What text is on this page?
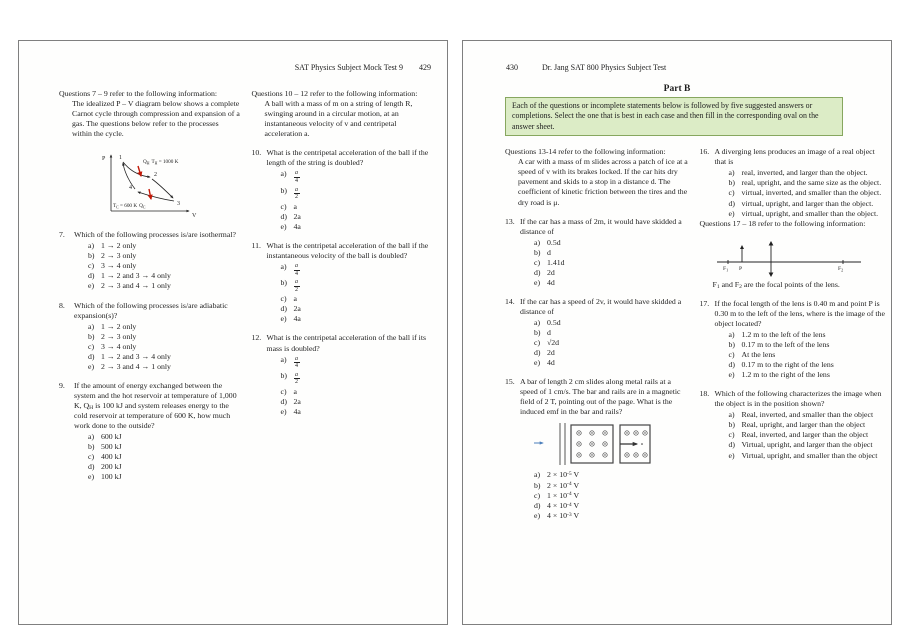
SAT Physics Subject Mock Test 9 429

Questions 7 – 9 refer to the following information:

The idealized P – V diagram below shows a complete Carnot cycle through compression and expansion of a gas. The questions below refer to the processes within the cycle.

P
V
1
2
3
4
$Q_H$ $T_H = 1000$ K
$T_C = 600$ K $Q_C$
7.	Which of the following processes is/are isothermal?

a) 1 → 2 only
b) 2 → 3 only
c) 3 → 4 only
d) 1 → 2 and 3 → 4 only
e) 2 → 3 and 4 → 1 only
8.	Which of the following processes is/are adiabatic expansion(s)?

a) 1 → 2 only
b) 2 → 3 only
c) 3 → 4 only
d) 1 → 2 and 3 → 4 only
e) 2 → 3 and 4 → 1 only
9.	If the amount of energy exchanged between the system and the hot reservoir at temperature of 1,000 K, QH is 100 kJ and system releases energy to the cold reservoir at temperature of 600 K, how much work done to the outside?

a) 600 kJ
b) 500 kJ
c) 400 kJ
d) 200 kJ
e) 100 kJ

Questions 10 – 12 refer to the following information:

A ball with a mass of m on a string of length R, swinging around in a circular motion, at an instantaneous velocity of v and centripetal acceleration a.

10. What is the centripetal acceleration of the ball if the length of the string is doubled?

a)	$\frac{a}{4}$
b)	$\frac{a}{2}$
c) a
d) 2a
e) 4a
11. What is the centripetal acceleration of the ball if the instantaneous velocity of the ball is doubled?

a)	$\frac{a}{4}$
b)	$\frac{a}{2}$
c) a
d) 2a
e) 4a
12. What is the centripetal acceleration of the ball if its mass is doubled?

a)	$\frac{a}{4}$
b)	$\frac{a}{2}$
c) a
d) 2a
e) 4a
430	Dr. Jang SAT 800 Physics Subject Test
Part B
Each of the questions or incomplete statements below is followed by five suggested answers or completions. Select the one that is best in each case and then fill in the corresponding oval on the answer sheet.

Questions 13-14 refer to the following information:

A car with a mass of m slides across a patch of ice at a speed of v with its brakes locked. If the car hits dry pavement and skids to a stop in a distance d. The coefficient of kinetic friction between the tires and the dry road is μ.

13. If the car has a mass of 2m, it would have skidded a distance of

a) 0.5d
b) d
c) 1.41d
d) 2d
e) 4d
14. If the car has a speed of 2v, it would have skidded a distance of

a) 0.5d
b) d
c) √2d
d) 2d
e) 4d
15. A bar of length 2 cm slides along metal rails at a speed of 1 cm/s. The bar and rails are in a magnetic field of 2 T, pointing out of the page. What is the induced emf in the bar and rails?

a) $2 \times 10^{-5}$ V
b) $2 \times 10^{-4}$ V
c) $1 \times 10^{-4}$ V
d) $4 \times 10^{-4}$ V
e) $4 \times 10^{-3}$ V
16. A diverging lens produces an image of a real object that is

a) real, inverted, and larger than the object.
b) real, upright, and the same size as the object.
c) virtual, inverted, and smaller than the object.
d) virtual, upright, and larger than the object.
e) virtual, upright, and smaller than the object.

Questions 17 – 18 refer to the following information:

$F_1$ P	$F_2$

F1 and F2 are the focal points of the lens.

17. If the focal length of the lens is 0.40 m and point P is 0.30 m to the left of the lens, where is the image of the object located?

a) 1.2 m to the left of the lens
b) 0.17 m to the left of the lens
c) At the lens
d) 0.17 m to the right of the lens
e) 1.2 m to the right of the lens
18. Which of the following characterizes the image when the object is in the position shown?

a) Real, inverted, and smaller than the object
b) Real, upright, and larger than the object
c) Real, inverted, and larger than the object
d) Virtual, upright, and larger than the object
e) Virtual, upright, and smaller than the object
